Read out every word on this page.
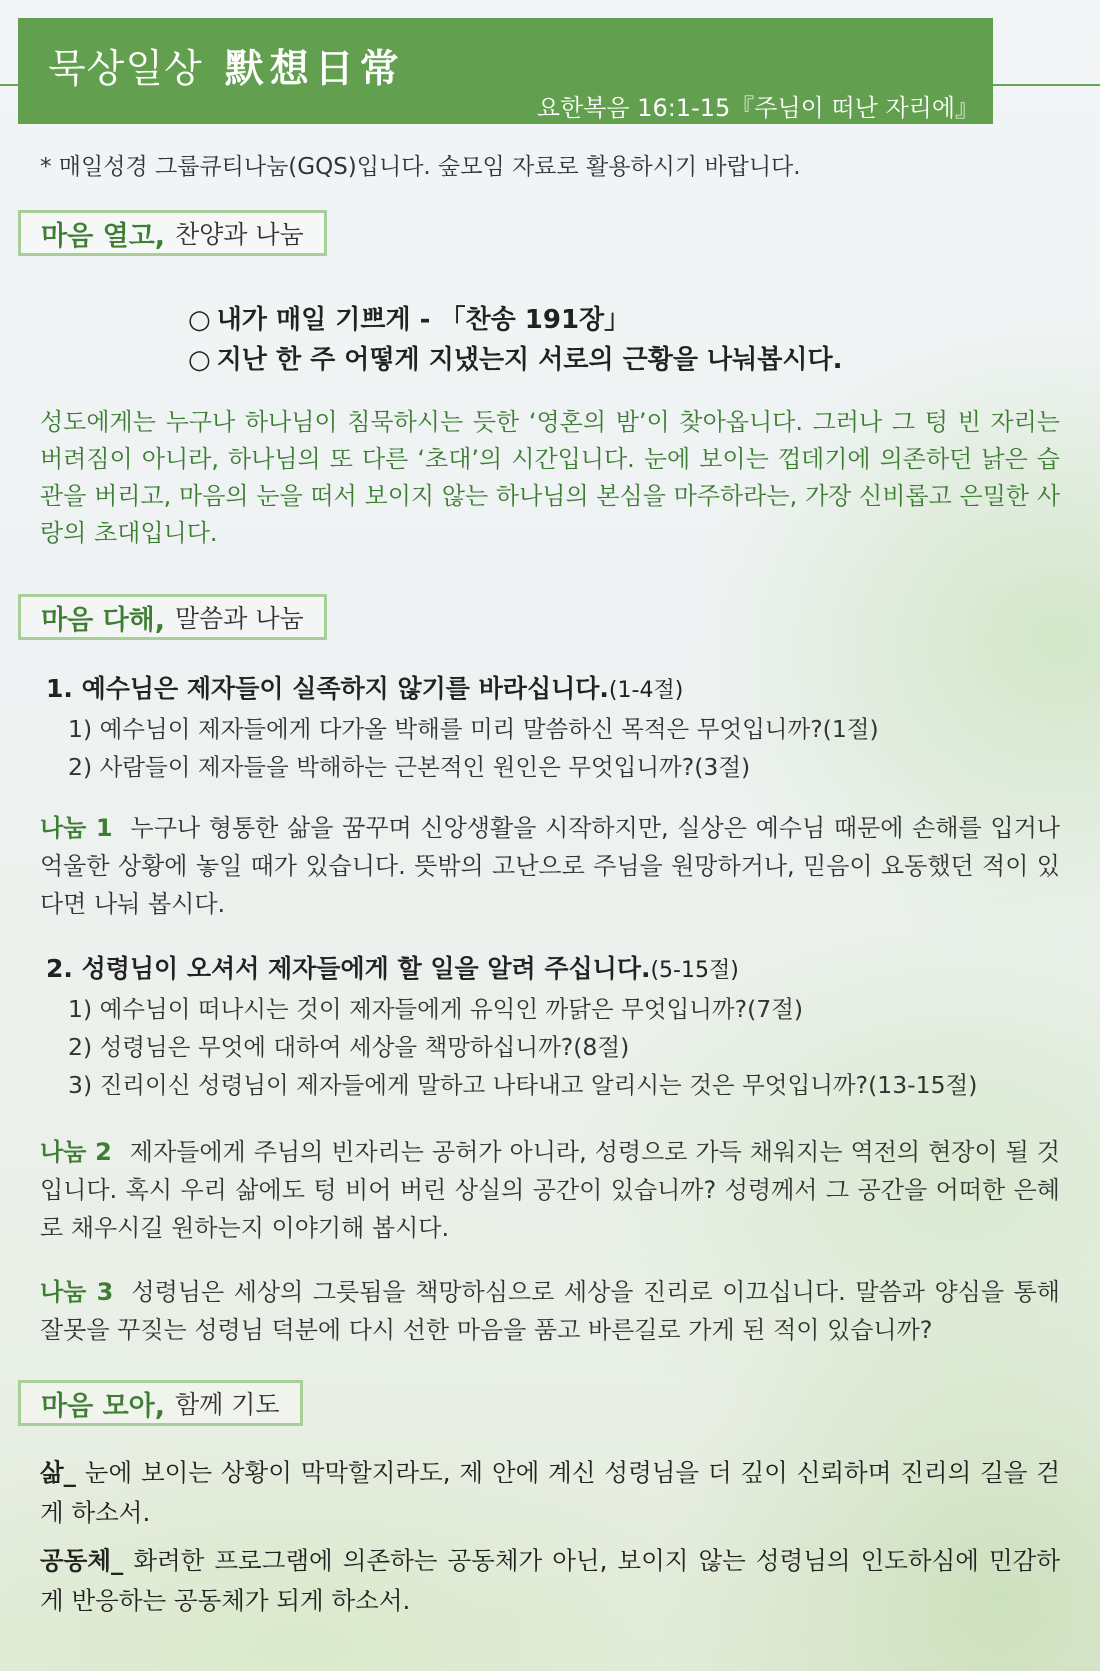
묵상일상 默想日常
요한복음 16:1-15『주님이 떠난 자리에』
* 매일성경 그룹큐티나눔(GQS)입니다. 숲모임 자료로 활용하시기 바랍니다.
마음 열고, 찬양과 나눔
○ 내가 매일 기쁘게 - 「찬송 191장」
○ 지난 한 주 어떻게 지냈는지 서로의 근황을 나눠봅시다.
성도에게는 누구나 하나님이 침묵하시는 듯한 ‘영혼의 밤’이 찾아옵니다. 그러나 그 텅 빈 자리는 버려짐이 아니라, 하나님의 또 다른 ‘초대’의 시간입니다. 눈에 보이는 껍데기에 의존하던 낡은 습관을 버리고, 마음의 눈을 떠서 보이지 않는 하나님의 본심을 마주하라는, 가장 신비롭고 은밀한 사랑의 초대입니다.
마음 다해, 말씀과 나눔
1. 예수님은 제자들이 실족하지 않기를 바라십니다.(1-4절)
1) 예수님이 제자들에게 다가올 박해를 미리 말씀하신 목적은 무엇입니까?(1절)
2) 사람들이 제자들을 박해하는 근본적인 원인은 무엇입니까?(3절)
나눔 1 누구나 형통한 삶을 꿈꾸며 신앙생활을 시작하지만, 실상은 예수님 때문에 손해를 입거나 억울한 상황에 놓일 때가 있습니다. 뜻밖의 고난으로 주님을 원망하거나, 믿음이 요동했던 적이 있다면 나눠 봅시다.
2. 성령님이 오셔서 제자들에게 할 일을 알려 주십니다.(5-15절)
1) 예수님이 떠나시는 것이 제자들에게 유익인 까닭은 무엇입니까?(7절)
2) 성령님은 무엇에 대하여 세상을 책망하십니까?(8절)
3) 진리이신 성령님이 제자들에게 말하고 나타내고 알리시는 것은 무엇입니까?(13-15절)
나눔 2 제자들에게 주님의 빈자리는 공허가 아니라, 성령으로 가득 채워지는 역전의 현장이 될 것입니다. 혹시 우리 삶에도 텅 비어 버린 상실의 공간이 있습니까? 성령께서 그 공간을 어떠한 은혜로 채우시길 원하는지 이야기해 봅시다.
나눔 3 성령님은 세상의 그릇됨을 책망하심으로 세상을 진리로 이끄십니다. 말씀과 양심을 통해 잘못을 꾸짖는 성령님 덕분에 다시 선한 마음을 품고 바른길로 가게 된 적이 있습니까?
마음 모아, 함께 기도
삶_ 눈에 보이는 상황이 막막할지라도, 제 안에 계신 성령님을 더 깊이 신뢰하며 진리의 길을 걷게 하소서.
공동체_ 화려한 프로그램에 의존하는 공동체가 아닌, 보이지 않는 성령님의 인도하심에 민감하게 반응하는 공동체가 되게 하소서.
